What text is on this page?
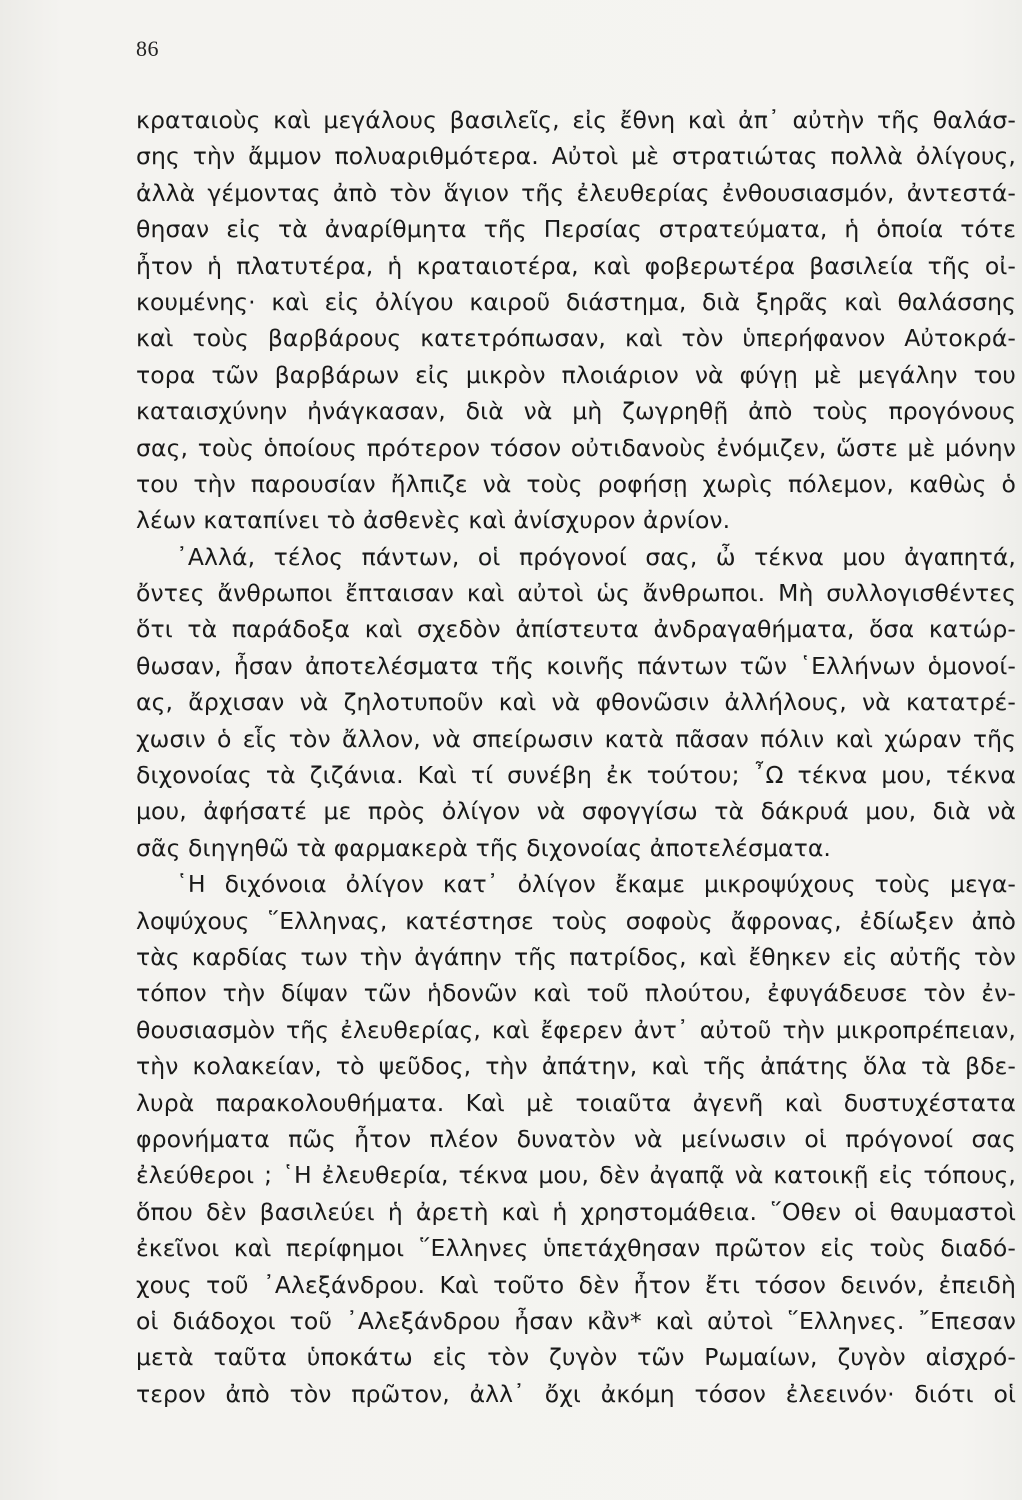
86
κραταιοὺς καὶ μεγάλους βασιλεῖς, εἰς ἔθνη καὶ ἀπ᾽ αὐτὴν τῆς θαλάσ-
σης τὴν ἄμμον πολυαριθμότερα. Αὐτοὶ μὲ στρατιώτας πολλὰ ὀλίγους,
ἀλλὰ γέμοντας ἀπὸ τὸν ἅγιον τῆς ἐλευθερίας ἐνθουσιασμόν, ἀντεστά-
θησαν εἰς τὰ ἀναρίθμητα τῆς Περσίας στρατεύματα, ἡ ὁποία τότε
ἦτον ἡ πλατυτέρα, ἡ κραταιοτέρα, καὶ φοβερωτέρα βασιλεία τῆς οἰ-
κουμένης· καὶ εἰς ὀλίγου καιροῦ διάστημα, διὰ ξηρᾶς καὶ θαλάσσης
καὶ τοὺς βαρβάρους κατετρόπωσαν, καὶ τὸν ὑπερήφανον Αὐτοκρά-
τορα τῶν βαρβάρων εἰς μικρὸν πλοιάριον νὰ φύγῃ μὲ μεγάλην του
καταισχύνην ἠνάγκασαν, διὰ νὰ μὴ ζωγρηθῇ ἀπὸ τοὺς προγόνους
σας, τοὺς ὁποίους πρότερον τόσον οὐτιδανοὺς ἐνόμιζεν, ὥστε μὲ μόνην
του τὴν παρουσίαν ἤλπιζε νὰ τοὺς ροφήσῃ χωρὶς πόλεμον, καθὼς ὁ
λέων καταπίνει τὸ ἀσθενὲς καὶ ἀνίσχυρον ἀρνίον.
᾽Αλλά, τέλος πάντων, οἱ πρόγονοί σας, ὦ τέκνα μου ἀγαπητά,
ὄντες ἄνθρωποι ἔπταισαν καὶ αὐτοὶ ὡς ἄνθρωποι. Μὴ συλλογισθέντες
ὅτι τὰ παράδοξα καὶ σχεδὸν ἀπίστευτα ἀνδραγαθήματα, ὅσα κατώρ-
θωσαν, ἦσαν ἀποτελέσματα τῆς κοινῆς πάντων τῶν ῾Ελλήνων ὁμονοί-
ας, ἄρχισαν νὰ ζηλοτυποῦν καὶ νὰ φθονῶσιν ἀλλήλους, νὰ κατατρέ-
χωσιν ὁ εἷς τὸν ἄλλον, νὰ σπείρωσιν κατὰ πᾶσαν πόλιν καὶ χώραν τῆς
διχονοίας τὰ ζιζάνια. Καὶ τί συνέβη ἐκ τούτου; ῏Ω τέκνα μου, τέκνα
μου, ἀφήσατέ με πρὸς ὀλίγον νὰ σφογγίσω τὰ δάκρυά μου, διὰ νὰ
σᾶς διηγηθῶ τὰ φαρμακερὰ τῆς διχονοίας ἀποτελέσματα.
῾Η διχόνοια ὀλίγον κατ᾽ ὀλίγον ἔκαμε μικροψύχους τοὺς μεγα-
λοψύχους ῞Ελληνας, κατέστησε τοὺς σοφοὺς ἄφρονας, ἐδίωξεν ἀπὸ
τὰς καρδίας των τὴν ἀγάπην τῆς πατρίδος, καὶ ἔθηκεν εἰς αὐτῆς τὸν
τόπον τὴν δίψαν τῶν ἡδονῶν καὶ τοῦ πλούτου, ἐφυγάδευσε τὸν ἐν-
θουσιασμὸν τῆς ἐλευθερίας, καὶ ἔφερεν ἀντ᾽ αὐτοῦ τὴν μικροπρέπειαν,
τὴν κολακείαν, τὸ ψεῦδος, τὴν ἀπάτην, καὶ τῆς ἀπάτης ὅλα τὰ βδε-
λυρὰ παρακολουθήματα. Καὶ μὲ τοιαῦτα ἀγενῆ καὶ δυστυχέστατα
φρονήματα πῶς ἦτον πλέον δυνατὸν νὰ μείνωσιν οἱ πρόγονοί σας
ἐλεύθεροι ; ῾Η ἐλευθερία, τέκνα μου, δὲν ἀγαπᾷ νὰ κατοικῇ εἰς τόπους,
ὅπου δὲν βασιλεύει ἡ ἀρετὴ καὶ ἡ χρηστομάθεια. ῞Οθεν οἱ θαυμαστοὶ
ἐκεῖνοι καὶ περίφημοι ῞Ελληνες ὑπετάχθησαν πρῶτον εἰς τοὺς διαδό-
χους τοῦ ᾽Αλεξάνδρου. Καὶ τοῦτο δὲν ἦτον ἔτι τόσον δεινόν, ἐπειδὴ
οἱ διάδοχοι τοῦ ᾽Αλεξάνδρου ἦσαν κἂν* καὶ αὐτοὶ ῞Ελληνες. ῎Επεσαν
μετὰ ταῦτα ὑποκάτω εἰς τὸν ζυγὸν τῶν Ρωμαίων, ζυγὸν αἰσχρό-
τερον ἀπὸ τὸν πρῶτον, ἀλλ᾽ ὄχι ἀκόμη τόσον ἐλεεινόν· διότι οἱ
